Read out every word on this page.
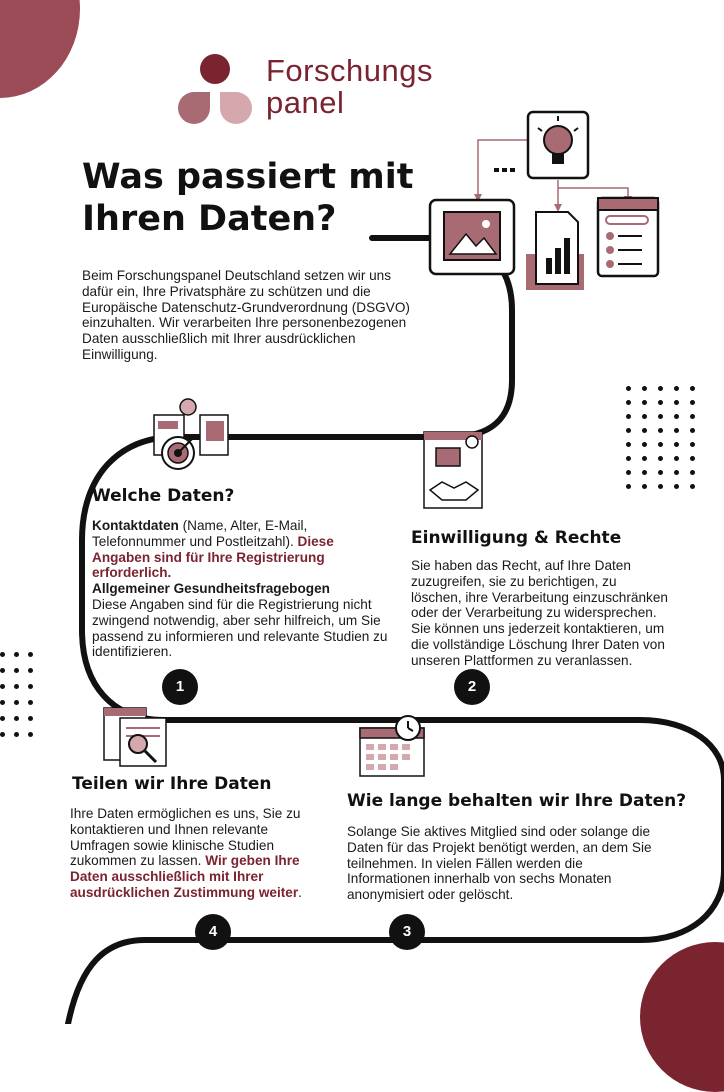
Forschungs
panel
Was passiert mit
Ihren Daten?
Beim Forschungspanel Deutschland setzen wir uns dafür ein, Ihre Privatsphäre zu schützen und die Europäische Datenschutz-Grundverordnung (DSGVO) einzuhalten. Wir verarbeiten Ihre personenbezogenen Daten ausschließlich mit Ihrer ausdrücklichen Einwilligung.
Welche Daten?
Kontaktdaten (Name, Alter, E-Mail, Telefonnummer und Postleitzahl). Diese Angaben sind für Ihre Registrierung erforderlich.
Allgemeiner Gesundheitsfragebogen
Diese Angaben sind für die Registrierung nicht zwingend notwendig, aber sehr hilfreich, um Sie passend zu informieren und relevante Studien zu identifizieren.
1
Einwilligung & Rechte
Sie haben das Recht, auf Ihre Daten zuzugreifen, sie zu berichtigen, zu löschen, ihre Verarbeitung einzuschränken oder der Verarbeitung zu widersprechen. Sie können uns jederzeit kontaktieren, um die vollständige Löschung Ihrer Daten von unseren Plattformen zu veranlassen.
2
Teilen wir Ihre Daten
Ihre Daten ermöglichen es uns, Sie zu kontaktieren und Ihnen relevante Umfragen sowie klinische Studien zukommen zu lassen. Wir geben Ihre Daten ausschließlich mit Ihrer ausdrücklichen Zustimmung weiter.
4
Wie lange behalten wir Ihre Daten?
Solange Sie aktives Mitglied sind oder solange die Daten für das Projekt benötigt werden, an dem Sie teilnehmen. In vielen Fällen werden die Informationen innerhalb von sechs Monaten anonymisiert oder gelöscht.
3
